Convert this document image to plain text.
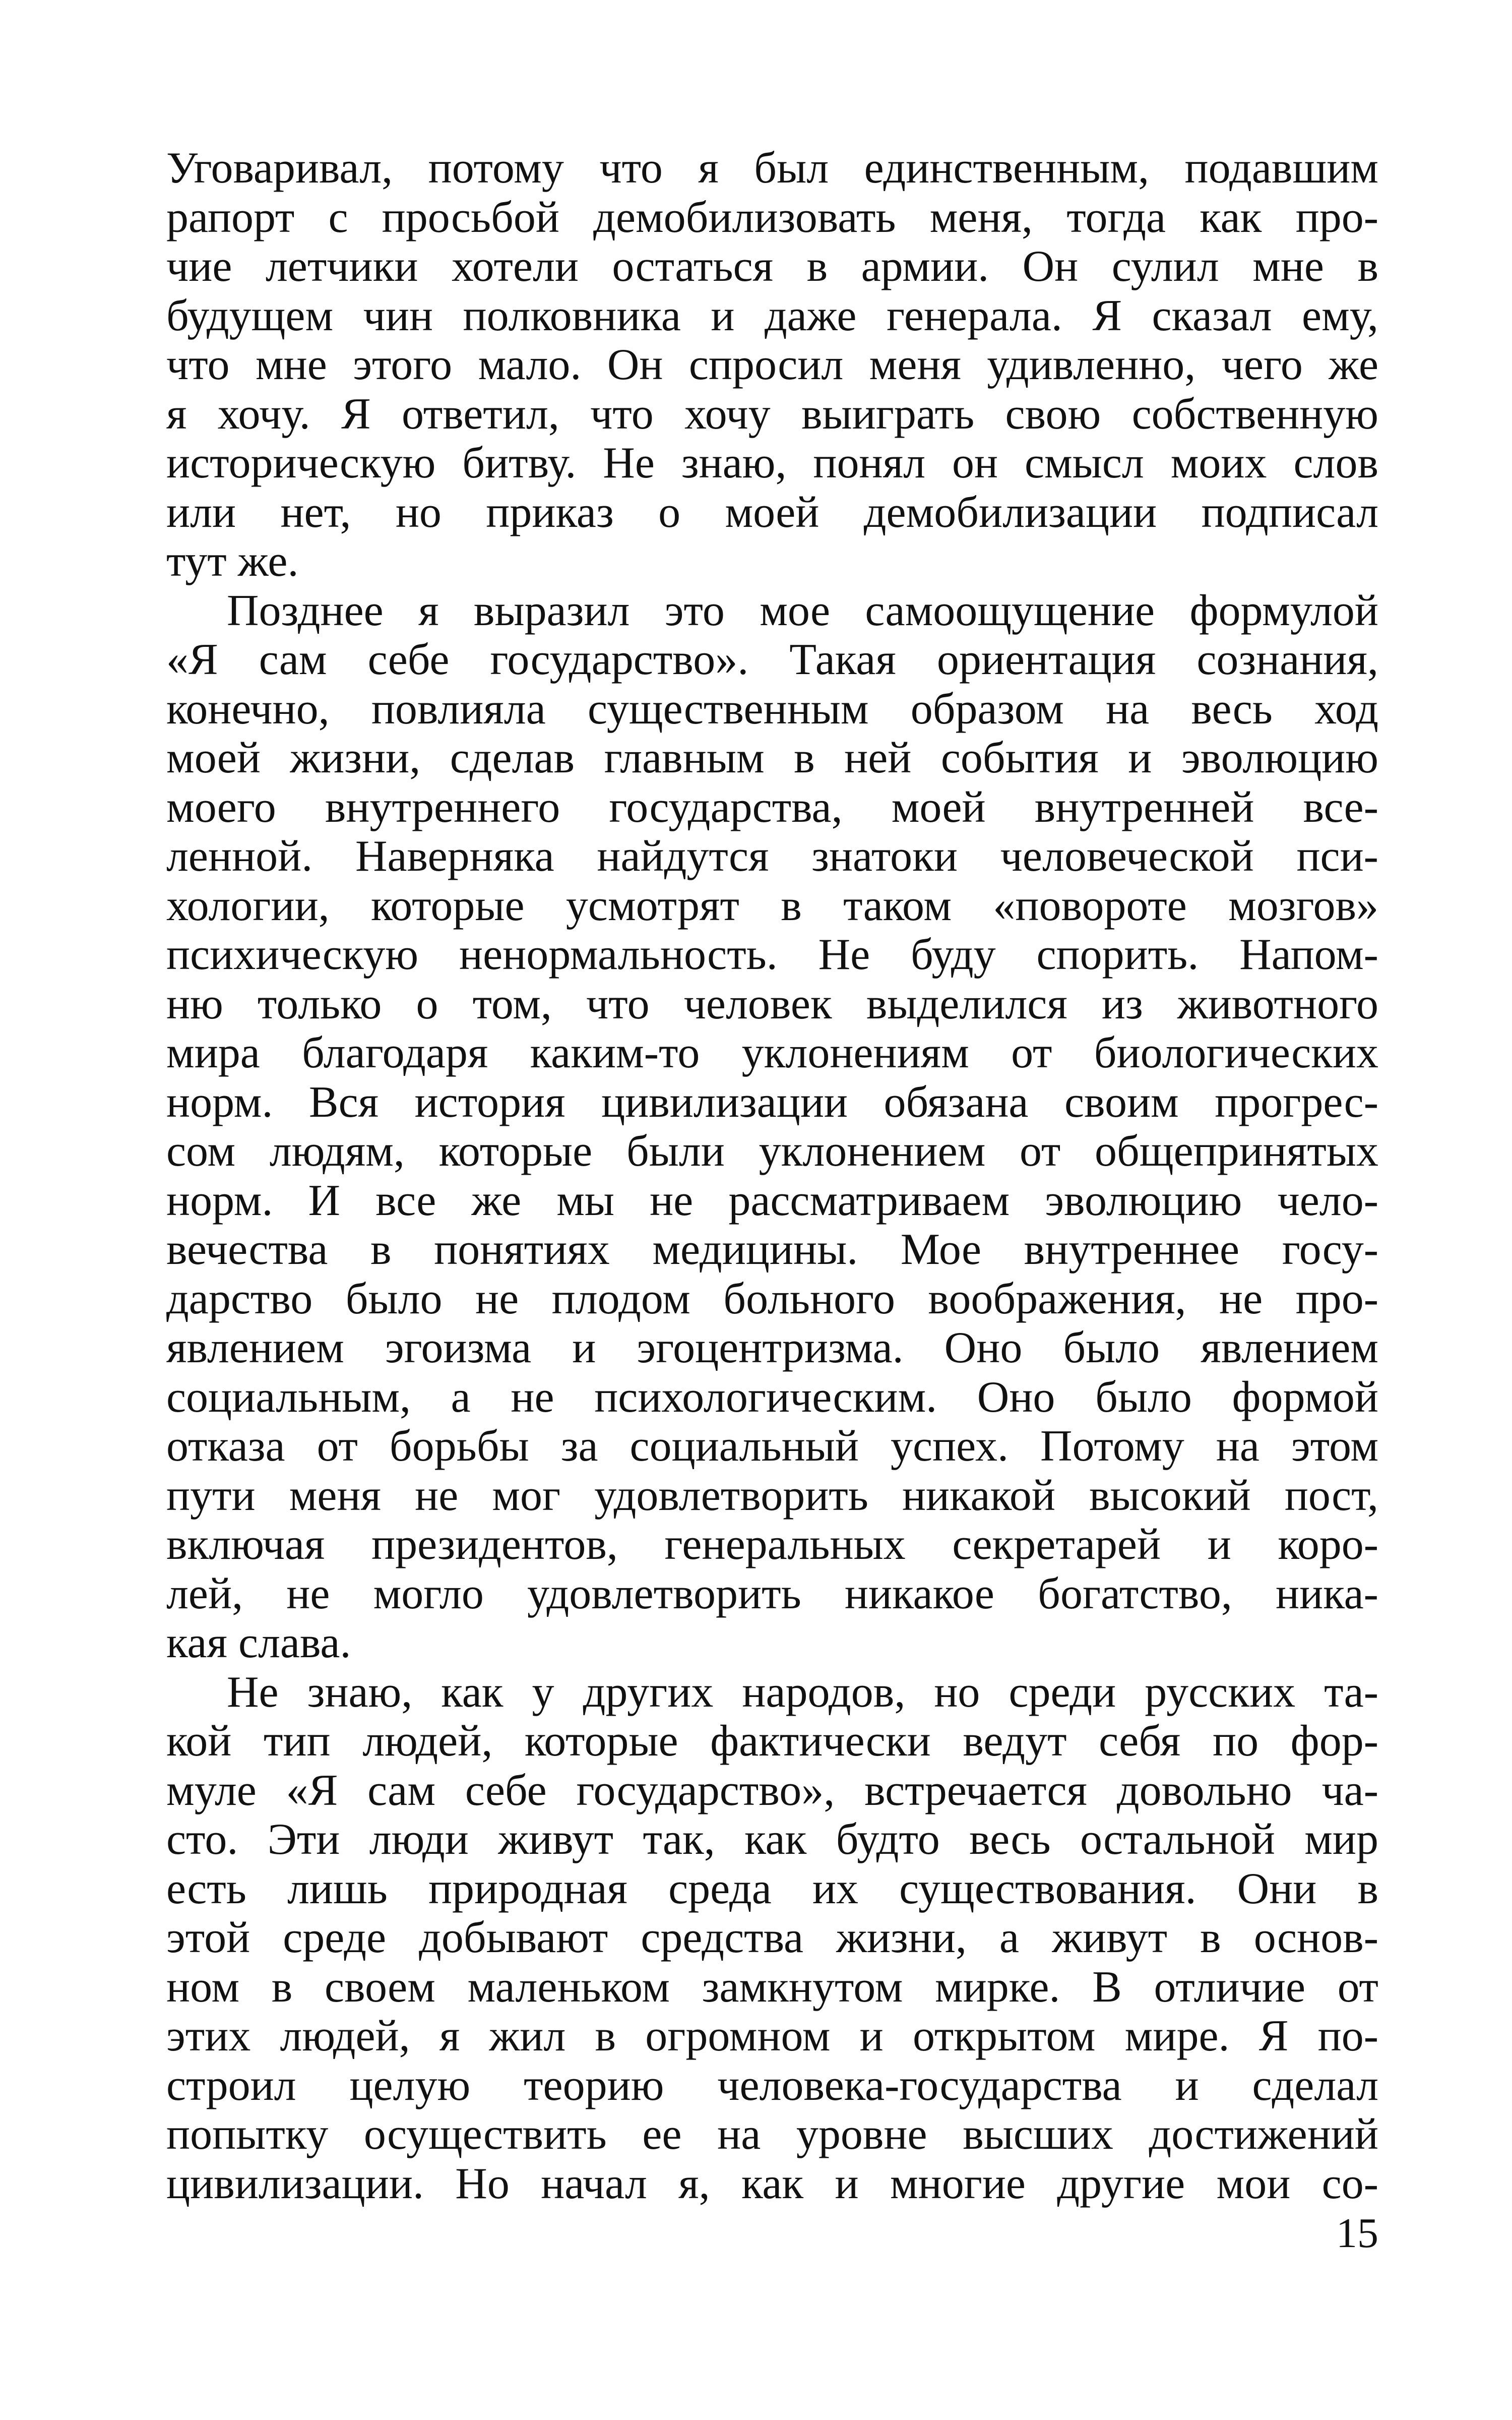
Уговаривал, потому что я был единственным, подавшим
рапорт с просьбой демобилизовать меня, тогда как про-
чие летчики хотели остаться в армии. Он сулил мне в
будущем чин полковника и даже генерала. Я сказал ему,
что мне этого мало. Он спросил меня удивленно, чего же
я хочу. Я ответил, что хочу выиграть свою собственную
историческую битву. Не знаю, понял он смысл моих слов
или нет, но приказ о моей демобилизации подписал
тут же.
Позднее я выразил это мое самоощущение формулой
«Я сам себе государство». Такая ориентация сознания,
конечно, повлияла существенным образом на весь ход
моей жизни, сделав главным в ней события и эволюцию
моего внутреннего государства, моей внутренней все-
ленной. Наверняка найдутся знатоки человеческой пси-
хологии, которые усмотрят в таком «повороте мозгов»
психическую ненормальность. Не буду спорить. Напом-
ню только о том, что человек выделился из животного
мира благодаря каким-то уклонениям от биологических
норм. Вся история цивилизации обязана своим прогрес-
сом людям, которые были уклонением от общепринятых
норм. И все же мы не рассматриваем эволюцию чело-
вечества в понятиях медицины. Мое внутреннее госу-
дарство было не плодом больного воображения, не про-
явлением эгоизма и эгоцентризма. Оно было явлением
социальным, а не психологическим. Оно было формой
отказа от борьбы за социальный успех. Потому на этом
пути меня не мог удовлетворить никакой высокий пост,
включая президентов, генеральных секретарей и коро-
лей, не могло удовлетворить никакое богатство, ника-
кая слава.
Не знаю, как у других народов, но среди русских та-
кой тип людей, которые фактически ведут себя по фор-
муле «Я сам себе государство», встречается довольно ча-
сто. Эти люди живут так, как будто весь остальной мир
есть лишь природная среда их существования. Они в
этой среде добывают средства жизни, а живут в основ-
ном в своем маленьком замкнутом мирке. В отличие от
этих людей, я жил в огромном и открытом мире. Я по-
строил целую теорию человека-государства и сделал
попытку осуществить ее на уровне высших достижений
цивилизации. Но начал я, как и многие другие мои со-
15
